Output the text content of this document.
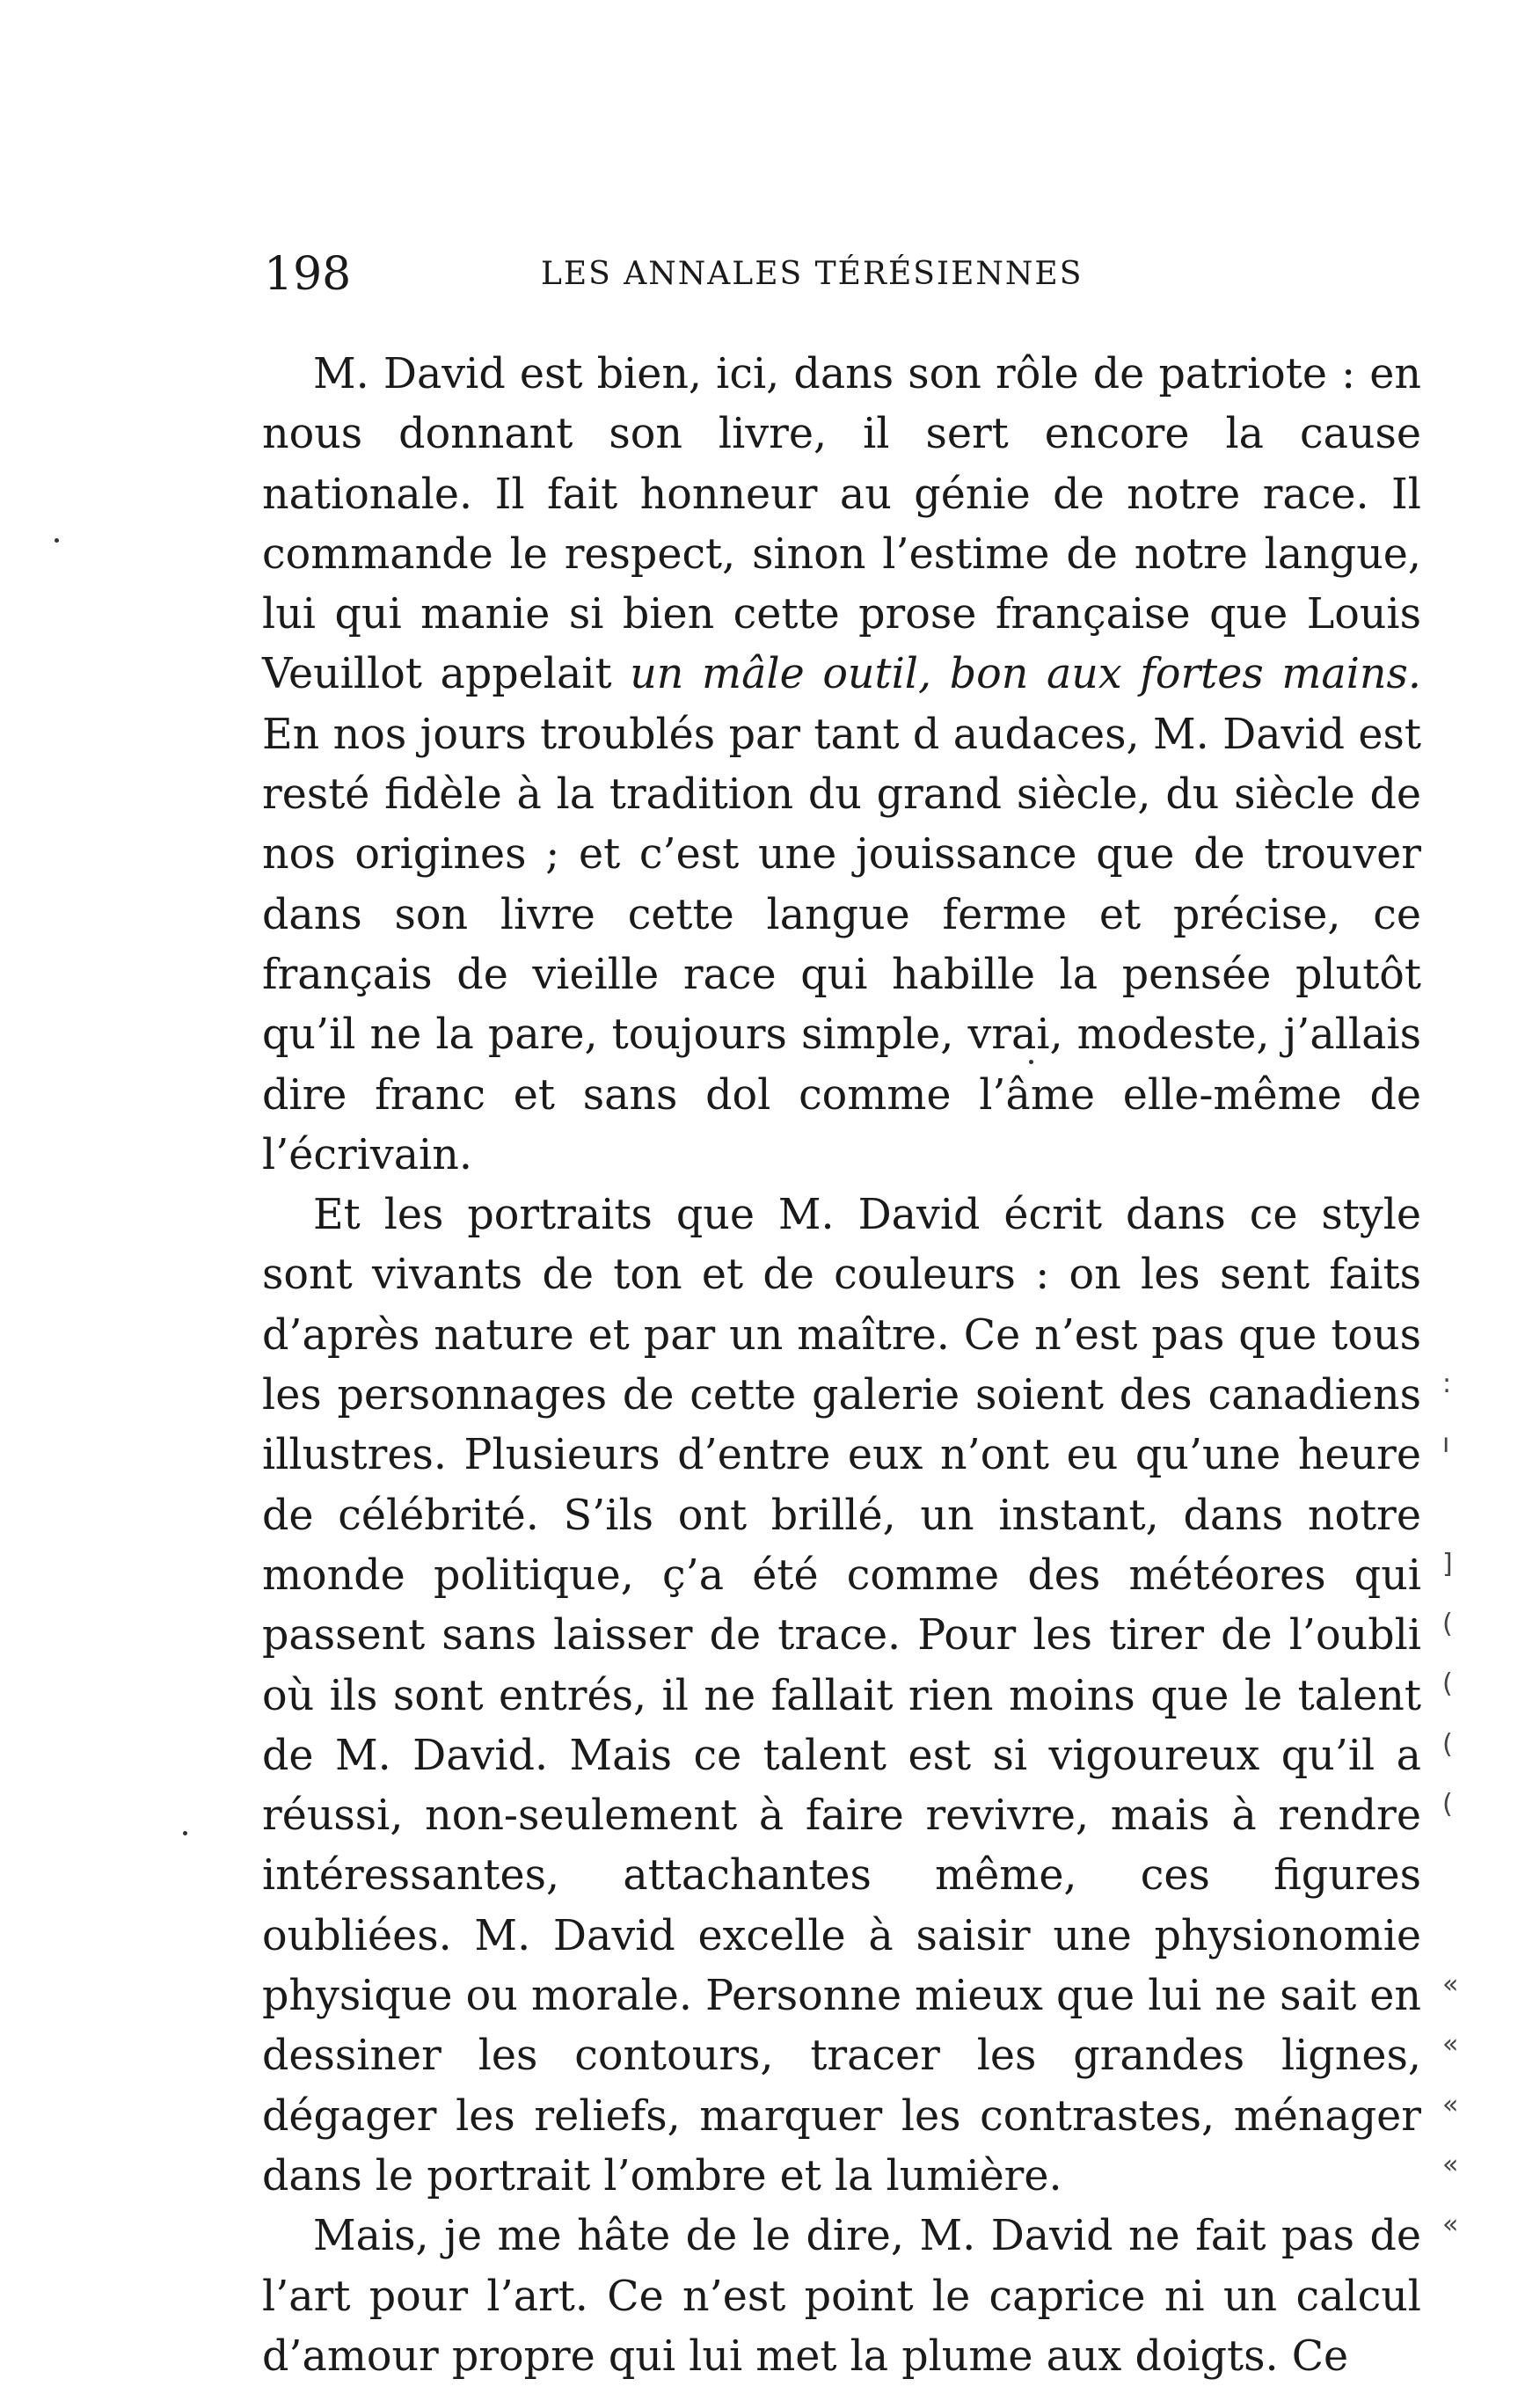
198	LES ANNALES TÉRÉSIENNES

M. David est bien, ici, dans son rôle de patriote : en nous donnant son livre, il sert encore la cause nationale. Il fait honneur au génie de notre race. Il commande le respect, sinon l’estime de notre langue, lui qui manie si bien cette prose française que Louis Veuillot appelait un mâle outil, bon aux fortes mains. En nos jours troublés par tant d audaces, M. David est resté fidèle à la tradition du grand siècle, du siècle de nos origines ; et c’est une jouissance que de trouver dans son livre cette langue ferme et précise, ce français de vieille race qui habille la pensée plutôt qu’il ne la pare, toujours simple, vrai, modeste, j’allais dire franc et sans dol comme l’âme elle-même de l’écrivain.

Et les portraits que M. David écrit dans ce style sont vivants de ton et de couleurs : on les sent faits d’après nature et par un maître. Ce n’est pas que tous les personnages de cette galerie soient des canadiens illustres. Plusieurs d’entre eux n’ont eu qu’une heure de célébrité. S’ils ont brillé, un instant, dans notre monde politique, ç’a été comme des météores qui passent sans laisser de trace. Pour les tirer de l’oubli où ils sont entrés, il ne fallait rien moins que le talent de M. David. Mais ce talent est si vigoureux qu’il a réussi, non-seulement à faire revivre, mais à rendre intéressantes, attachantes même, ces figures oubliées. M. David excelle à saisir une physionomie physique ou morale. Personne mieux que lui ne sait en dessiner les contours, tracer les grandes lignes, dégager les reliefs, marquer les contrastes, ménager dans le portrait l’ombre et la lumière.

Mais, je me hâte de le dire, M. David ne fait pas de l’art pour l’art. Ce n’est point le caprice ni un calcul d’amour propre qui lui met la plume aux doigts. Ce

:
ı
]
(
(
(
(
«
«
«
«
«
